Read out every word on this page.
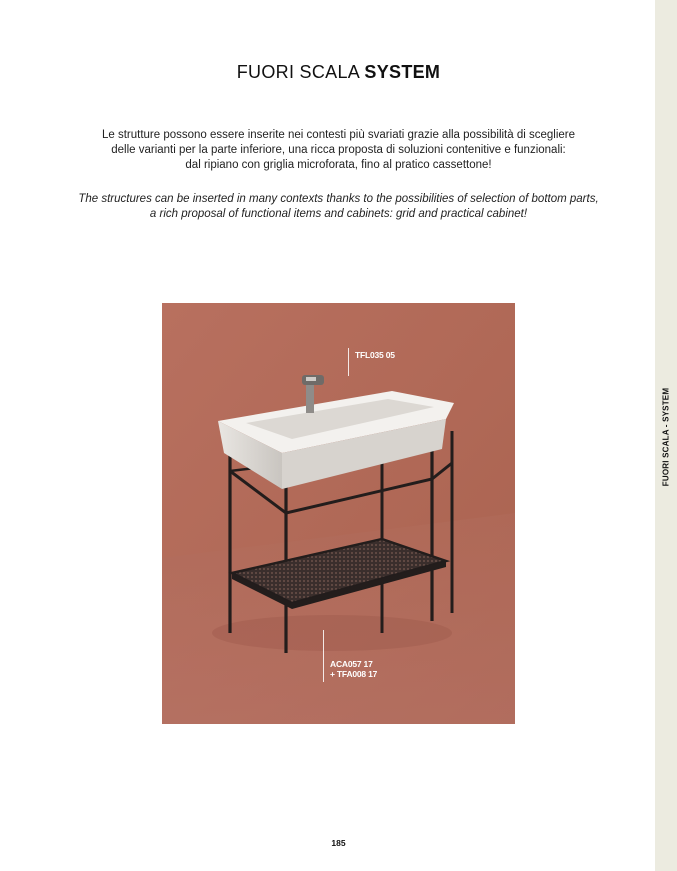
FUORI SCALA - SYSTEM
FUORI SCALA SYSTEM
Le strutture possono essere inserite nei contesti più svariati grazie alla possibilità di scegliere
delle varianti per la parte inferiore, una ricca proposta di soluzioni contenitive e funzionali:
dal ripiano con griglia microforata, fino al pratico cassettone!
The structures can be inserted in many contexts thanks to the possibilities of selection of bottom parts,
a rich proposal of functional items and cabinets: grid and practical cabinet!
TFL035 05
ACA057 17
+ TFA008 17
185
